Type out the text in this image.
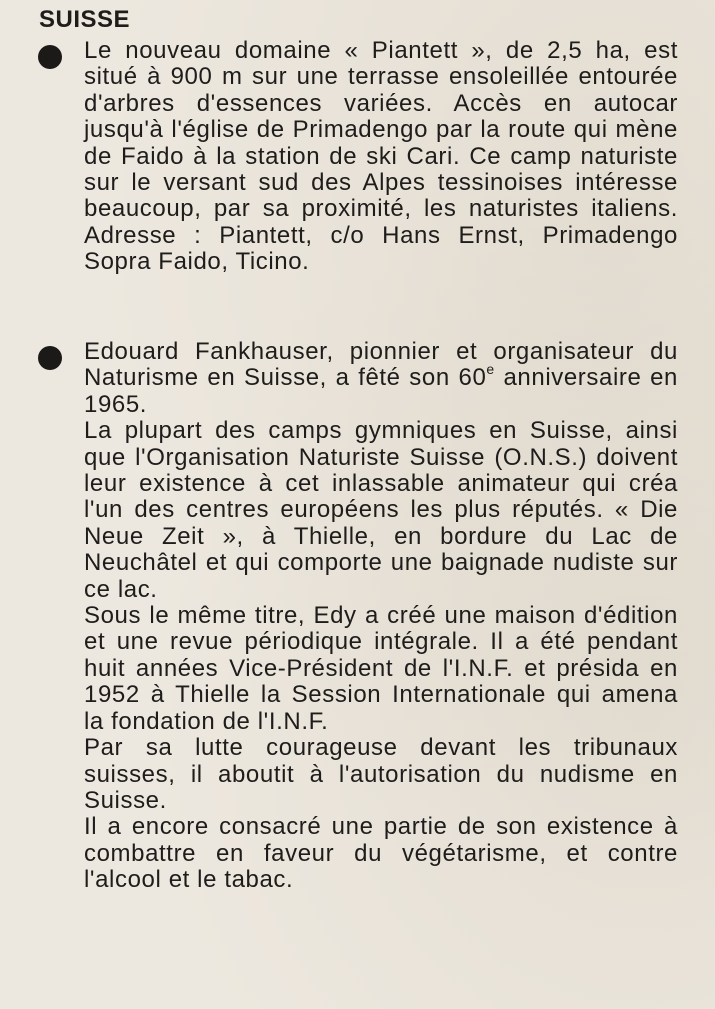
SUISSE

Le nouveau domaine « Piantett », de 2,5 ha, est situé à 900 m sur une terrasse ensoleillée entourée d'arbres d'essences variées. Accès en autocar jusqu'à l'église de Primadengo par la route qui mène de Faido à la station de ski Cari. Ce camp naturiste sur le versant sud des Alpes tessinoises intéresse beaucoup, par sa proximité, les naturistes italiens. Adresse : Piantett, c/o Hans Ernst, Primadengo Sopra Faido, Ticino.

Edouard Fankhauser, pionnier et organisateur du Naturisme en Suisse, a fêté son 60e anniversaire en 1965.

La plupart des camps gymniques en Suisse, ainsi que l'Organisation Naturiste Suisse (O.N.S.) doivent leur existence à cet inlassable animateur qui créa l'un des centres européens les plus réputés. « Die Neue Zeit », à Thielle, en bordure du Lac de Neuchâtel et qui comporte une baignade nudiste sur ce lac.

Sous le même titre, Edy a créé une maison d'édition et une revue périodique intégrale. Il a été pendant huit années Vice-Président de l'I.N.F. et présida en 1952 à Thielle la Session Internationale qui amena la fondation de l'I.N.F.

Par sa lutte courageuse devant les tribunaux suisses, il aboutit à l'autorisation du nudisme en Suisse.

Il a encore consacré une partie de son existence à combattre en faveur du végétarisme, et contre l'alcool et le tabac.
